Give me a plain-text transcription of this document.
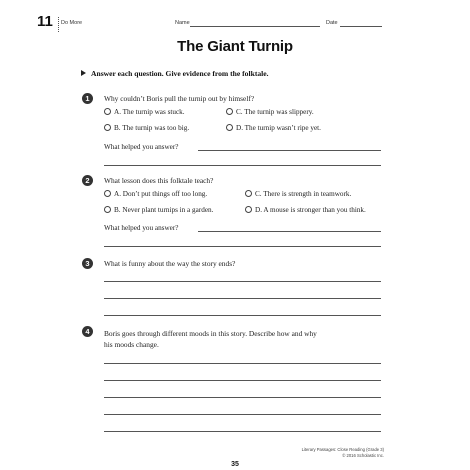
11 Do More	Name	Date
The Giant Turnip
Answer each question. Give evidence from the folktale.
1	Why couldn’t Boris pull the turnip out by himself?
A. The turnip was stuck.	C. The turnip was slippery.
B. The turnip was too big.	D. The turnip wasn’t ripe yet.
What helped you answer?
2	What lesson does this folktale teach?
A. Don’t put things off too long.	C. There is strength in teamwork.
B. Never plant turnips in a garden.	D. A mouse is stronger than you think.
What helped you answer?
3	What is funny about the way the story ends?
4	Boris goes through different moods in this story. Describe how and why
his moods change.
Literary Passages: Close Reading (Grade 3)
© 2016 Scholastic Inc.
35
